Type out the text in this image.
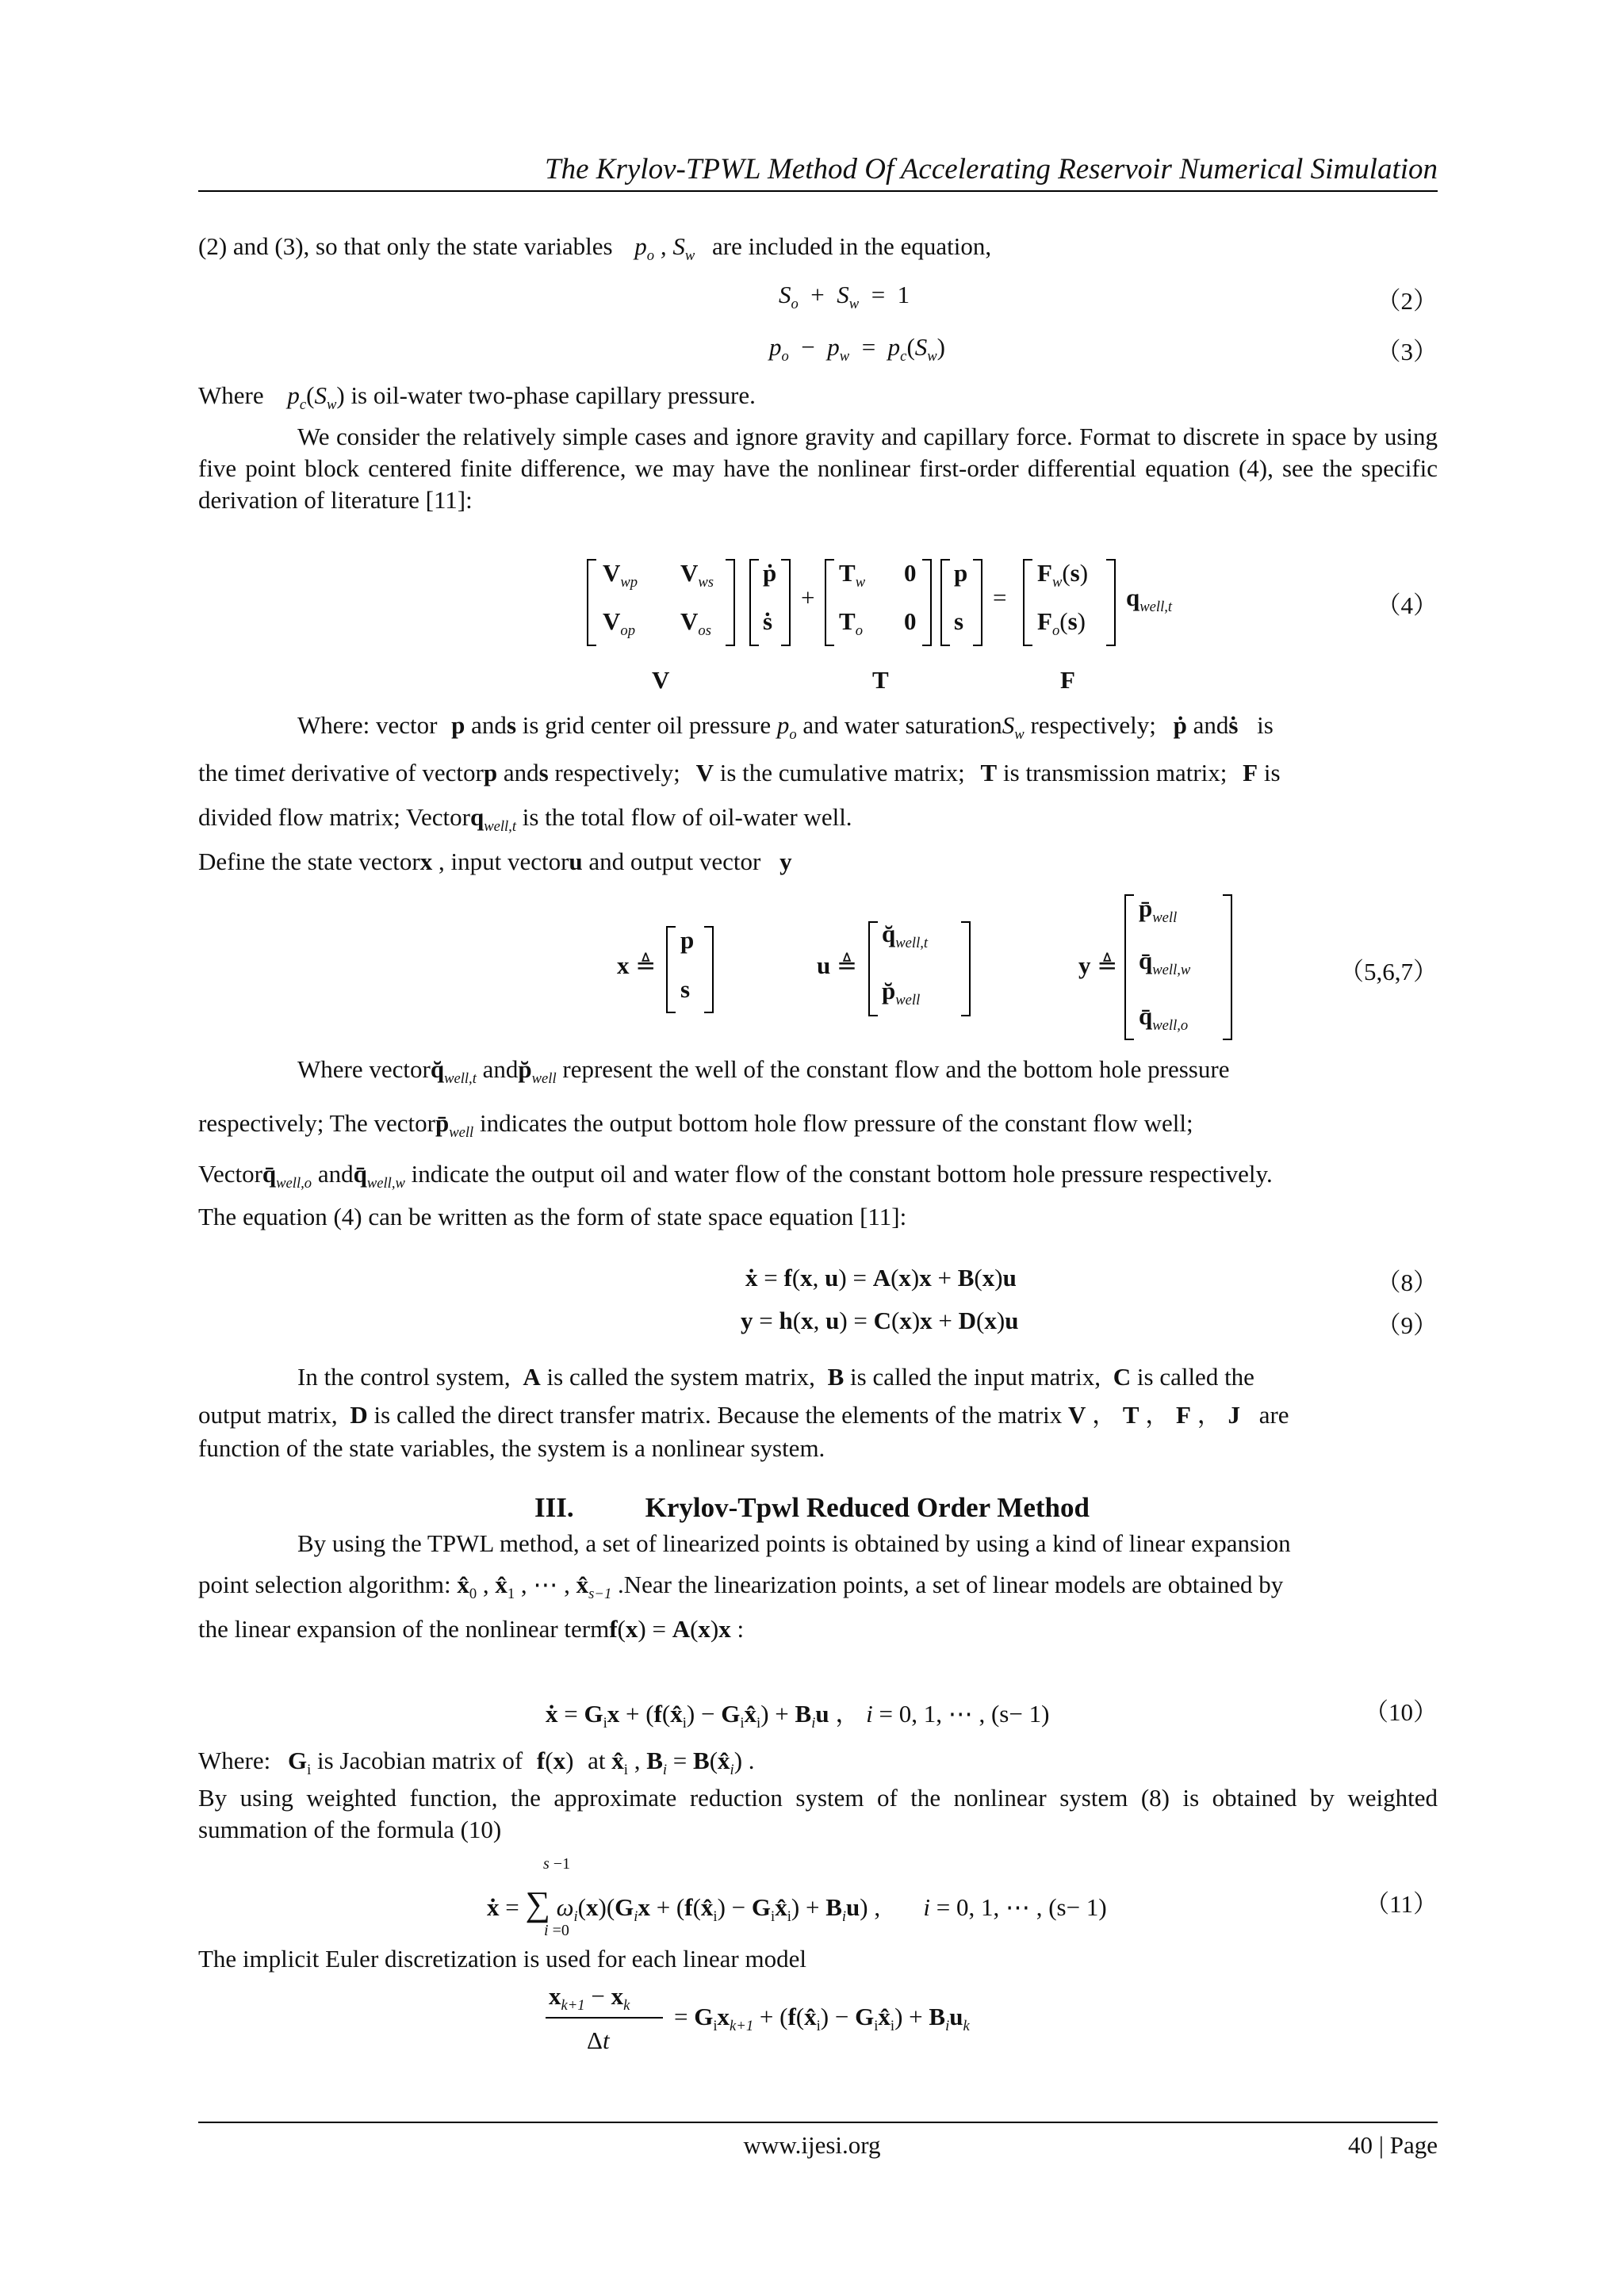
The Krylov-TPWL Method Of Accelerating Reservoir Numerical Simulation
(2) and (3), so that only the state variables $p_o$ , $S_w$ are included in the equation,
$S_o + S_w = 1$	（2）
$p_o - p_w = p_c(S_w)$	（3）
Where $p_c(S_w)$ is oil-water two-phase capillary pressure.
We consider the relatively simple cases and ignore gravity and capillary force. Format to discrete in space by using five point block centered finite difference, we may have the nonlinear first-order differential equation (4), see the specific derivation of literature [11]:
$V_{wp}$ $V_{ws}$
$V_{op}$ $V_{os}$
ṗ
ṡ
+
$T_w$ 0
$T_o$ 0
p
s
=
$F_w(s)$
$F_o(s)$
$q_{well,t}$
V	T	F
（4）
Where: vector p ands is grid center oil pressure $p_o$ and water saturationS$_w$ respectively; ṗ andṡ is
the timet derivative of vectorp ands respectively; V is the cumulative matrix; T is transmission matrix; F is
divided flow matrix; Vectorq$_{well,t}$ is the total flow of oil-water well.
Define the state vectorx , input vectoru and output vector y
x ≜
p
s
u ≜
$q̆_{well,t}$
$p̆_{well}$
y ≜
$p̄_{well}$
$q̄_{well,w}$
$q̄_{well,o}$
（5,6,7）
Where $vectorq̆_{well,t}$ $andp̆_{well}$ represent the well of the constant flow and the bottom hole pressure
respectively; The $vectorp̄_{well}$ indicates the output bottom hole flow pressure of the constant flow well;
$Vectorq̄_{well,o}$ $andq̄_{well,w}$ indicate the output oil and water flow of the constant bottom hole pressure respectively.
The equation (4) can be written as the form of state space equation [11]:
ẋ = f(x, u) = A(x)x + B(x)u	（8）
y = h(x, u) = C(x)x + D(x)u	（9）
In the control system, A is called the system matrix, B is called the input matrix, C is called the
output matrix, D is called the direct transfer matrix. Because the elements of the matrix V ， T ， F ， J are
function of the state variables, the system is a nonlinear system.
III.	Krylov-Tpwl Reduced Order Method
By using the TPWL method, a set of linearized points is obtained by using a kind of linear expansion
point selection algorithm: $x̂_0$ , $x̂_1$ , ⋯ , $x̂_{s-1}$ .Near the linearization points, a set of linear models are obtained by
the linear expansion of the nonlinear termf(x) = A(x)x :
ẋ = $G_ix$ + ($f(x̂_i)$ − $G_ix̂_i) + B_iu$ ， i = 0, 1, ⋯ , (s− 1)	（10）
Where: $G_i$ is Jacobian matrix of f(x) at $x̂_i$ , $B_i$ = $B(x̂_i)$ .
By using weighted function, the approximate reduction system of the nonlinear system (8) is obtained by weighted summation of the formula (10)
s −1
ẋ = ∑ $\omega_i(x)(G_ix$ + ($f(x̂_i)$ − $G_ix̂_i) + B_iu$) ,       i = 0, 1, ⋯ , (s− 1)
i =0
（11）
The implicit Euler discretization is used for each linear model
$x_{k+1} - x_k$
Δt
= $G_ix_{k+1}$ + ($f(x̂_i)$ − $G_ix̂_i) + B_iu_k$
www.ijesi.org	40 | Page
